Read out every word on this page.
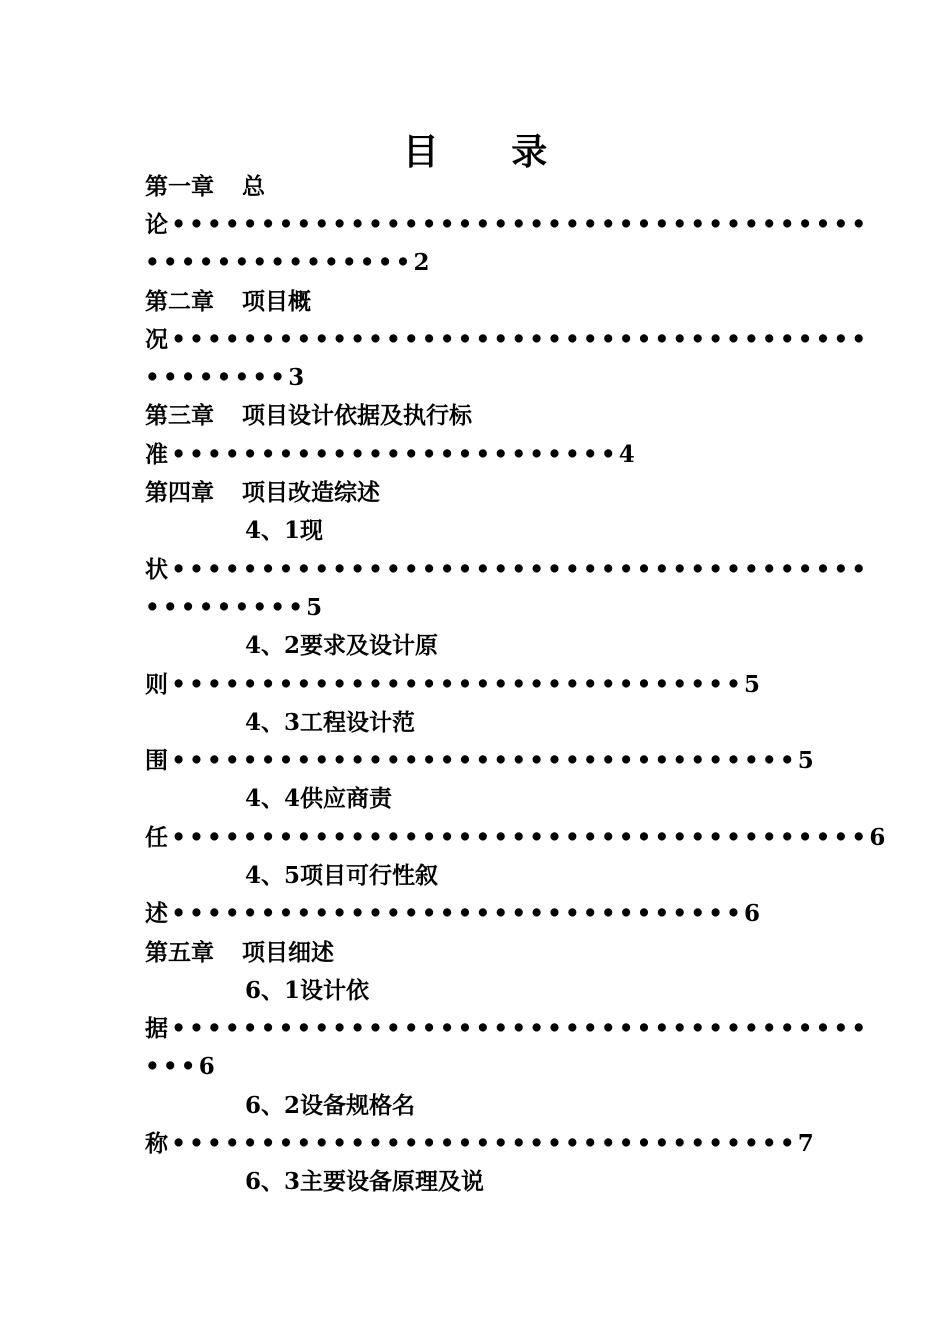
目 录
第一章 总
论•••••••••••••••••••••••••••••••••••••••
•••••••••••••••2
第二章 项目概
况•••••••••••••••••••••••••••••••••••••••
••••••••3
第三章 项目设计依据及执行标
准•••••••••••••••••••••••••4
第四章 项目改造综述
4、1现
状•••••••••••••••••••••••••••••••••••••••
•••••••••5
4、2要求及设计原
则••••••••••••••••••••••••••••••••5
4、3工程设计范
围•••••••••••••••••••••••••••••••••••5
4、4供应商责
任•••••••••••••••••••••••••••••••••••••••6
4、5项目可行性叙
述••••••••••••••••••••••••••••••••6
第五章 项目细述
6、1设计依
据•••••••••••••••••••••••••••••••••••••••
•••6
6、2设备规格名
称•••••••••••••••••••••••••••••••••••7
6、3主要设备原理及说
